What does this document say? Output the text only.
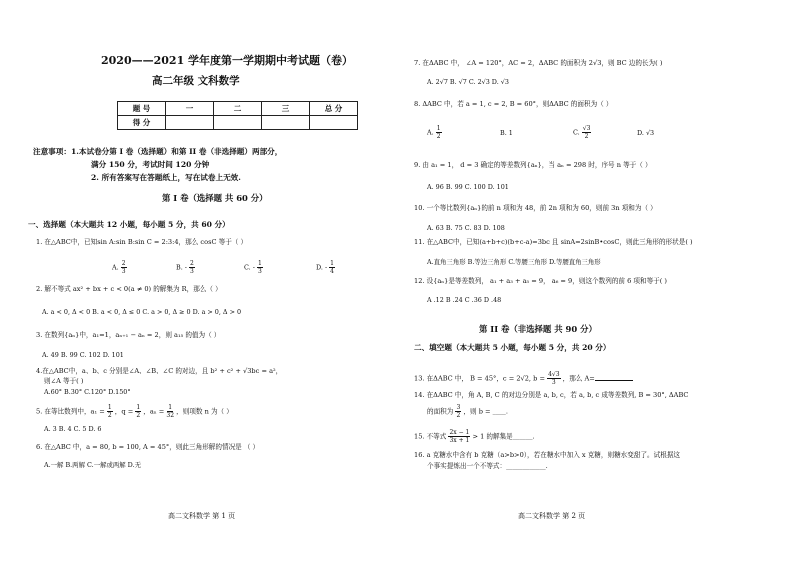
2020——2021 学年度第一学期期中考试题（卷）
高二年级 文科数学
题 号	一	二	三	总 分
得 分				
注意事项：1.本试卷分第 I 卷（选择题）和第 II 卷（非选择题）两部分，
满分 150 分，考试时间 120 分钟
2. 所有答案写在答题纸上，写在试卷上无效.
第 I 卷（选择题 共 60 分）
一、选择题（本大题共 12 小题，每小题 5 分，共 60 分）
1. 在△ABC中，已知sin A:sin B:sin C = 2:3:4，那么 cosC 等于（ ）
A. $\frac{2}{3}$	B. - $\frac{2}{3}$	C. - $\frac{1}{3}$	D. - $\frac{1}{4}$
2. 解不等式 ax² + bx + c < 0(a ≠ 0) 的解集为 R，那么（ ）
A. a < 0, Δ < 0 B. a < 0, Δ ≤ 0 C. a > 0, Δ ≥ 0 D. a > 0, Δ > 0
3. 在数列{aₙ}中，a₁=1，aₙ₊₁ − aₙ = 2，则 a₁₅ 的值为（ ）
A. 49 B. 99 C. 102 D. 101
4.在△ABC中，a、b、c 分别是∠A、∠B、∠C 的对边，且 b² + c² + √3bc = a²，
则∠A 等于( )
A.60° B.30° C.120° D.150°
5. 在等比数列中，$a_1 = \frac{1}{2}$ ，$q = \frac{1}{2}$ ，$a_n = \frac{1}{32}$ ，则项数 n 为（ ）
A. 3 B. 4 C. 5 D. 6
6. 在△ABC 中，a = 80, b = 100, A = 45°，则此三角形解的情况是 （ ）
A.一解 B.两解 C.一解或两解 D.无
高二文科数学 第 1 页
7. 在ΔABC 中， ∠A = 120°，AC = 2，ΔABC 的面积为 2√3，则 BC 边的长为( )
A. 2√7 B. √7 C. 2√3 D. √3
8. ΔABC 中，若 a = 1, c = 2, B = 60°，则ΔABC 的面积为（ ）
A. $\frac{1}{2}$	B. 1	C. $\frac{√3}{2}$	D. √3
9. 由 a₁ = 1， d = 3 确定的等差数列{aₙ}，当 aₙ = 298 时，序号 n 等于（ ）
A. 96 B. 99 C. 100 D. 101
10. 一个等比数列{aₙ}的前 n 项和为 48，前 2n 项和为 60，则前 3n 项和为（ ）
A. 63 B. 75 C. 83 D. 108
11. 在△ABC中，已知(a+b+c)(b+c-a)=3bc 且 sinA=2sinB•cosC，则此三角形的形状是( )
A.直角三角形 B.等边三角形 C.等腰三角形 D.等腰直角三角形
12. 设{aₙ}是等差数列， a₁ + a₃ + a₅ = 9， a₆ = 9，则这个数列的前 6 项和等于( )
A .12 B .24 C .36 D .48
第 II 卷（非选择题 共 90 分）
二、填空题（本大题共 5 小题，每小题 5 分，共 20 分）
13. 在ΔABC 中， B = 45°，c = 2√2, $b = \frac{4√3}{3}$ ，那么 A=
14. 在ΔABC 中，角 A, B, C 的对边分别是 a, b, c，若 a, b, c 成等差数列, B = 30°, ΔABC
的面积为 $\frac{3}{2}$ ，则 b = ____.
15. 不等式 $\frac{2x - 1}{3x + 1} > 1$ 的解集是______.
16. a 克糖水中含有 b 克糖（a>b>0），若在糖水中加入 x 克糖，则糖水变甜了。试根据这
个事实提炼出一个不等式：____________.
高二文科数学 第 2 页
